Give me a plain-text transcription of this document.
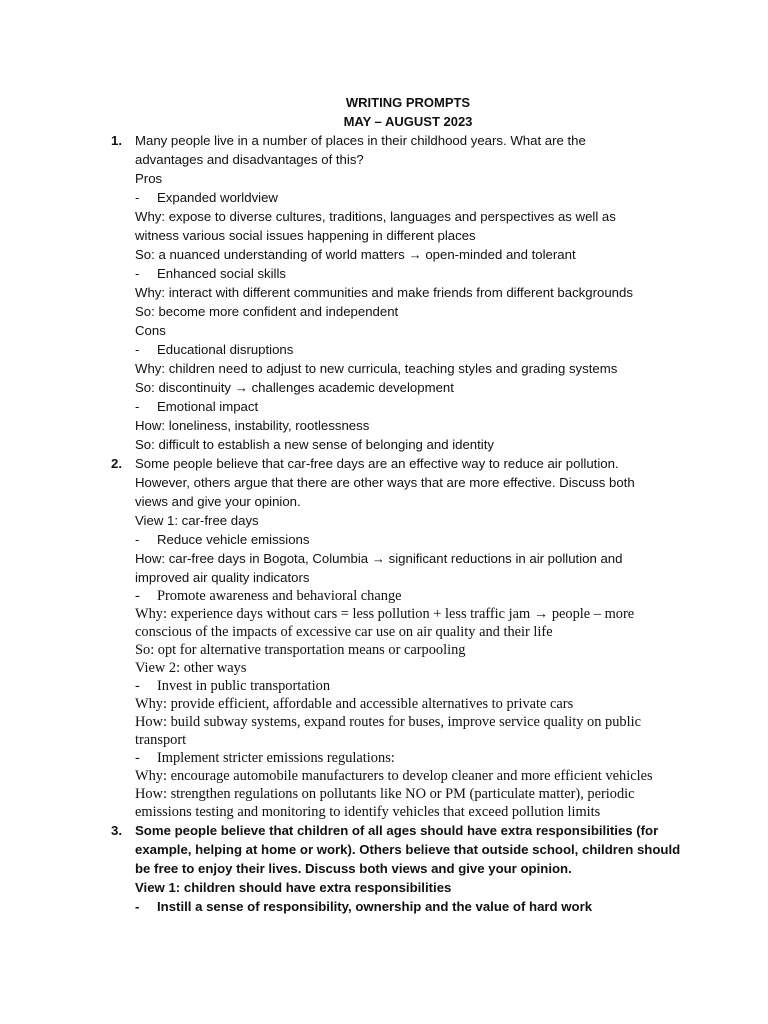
WRITING PROMPTS
MAY – AUGUST 2023
1. Many people live in a number of places in their childhood years. What are the
advantages and disadvantages of this?
Pros
- Expanded worldview
Why: expose to diverse cultures, traditions, languages and perspectives as well as
witness various social issues happening in different places
So: a nuanced understanding of world matters → open-minded and tolerant
- Enhanced social skills
Why: interact with different communities and make friends from different backgrounds
So: become more confident and independent
Cons
- Educational disruptions
Why: children need to adjust to new curricula, teaching styles and grading systems
So: discontinuity → challenges academic development
- Emotional impact
How: loneliness, instability, rootlessness
So: difficult to establish a new sense of belonging and identity
2. Some people believe that car-free days are an effective way to reduce air pollution.
However, others argue that there are other ways that are more effective. Discuss both
views and give your opinion.
View 1: car-free days
- Reduce vehicle emissions
How: car-free days in Bogota, Columbia → significant reductions in air pollution and
improved air quality indicators
- Promote awareness and behavioral change
Why: experience days without cars = less pollution + less traffic jam → people – more
conscious of the impacts of excessive car use on air quality and their life
So: opt for alternative transportation means or carpooling
View 2: other ways
- Invest in public transportation
Why: provide efficient, affordable and accessible alternatives to private cars
How: build subway systems, expand routes for buses, improve service quality on public
transport
- Implement stricter emissions regulations:
Why: encourage automobile manufacturers to develop cleaner and more efficient vehicles
How: strengthen regulations on pollutants like NO or PM (particulate matter), periodic
emissions testing and monitoring to identify vehicles that exceed pollution limits
3. Some people believe that children of all ages should have extra responsibilities (for
example, helping at home or work). Others believe that outside school, children should
be free to enjoy their lives. Discuss both views and give your opinion.
View 1: children should have extra responsibilities
- Instill a sense of responsibility, ownership and the value of hard work
